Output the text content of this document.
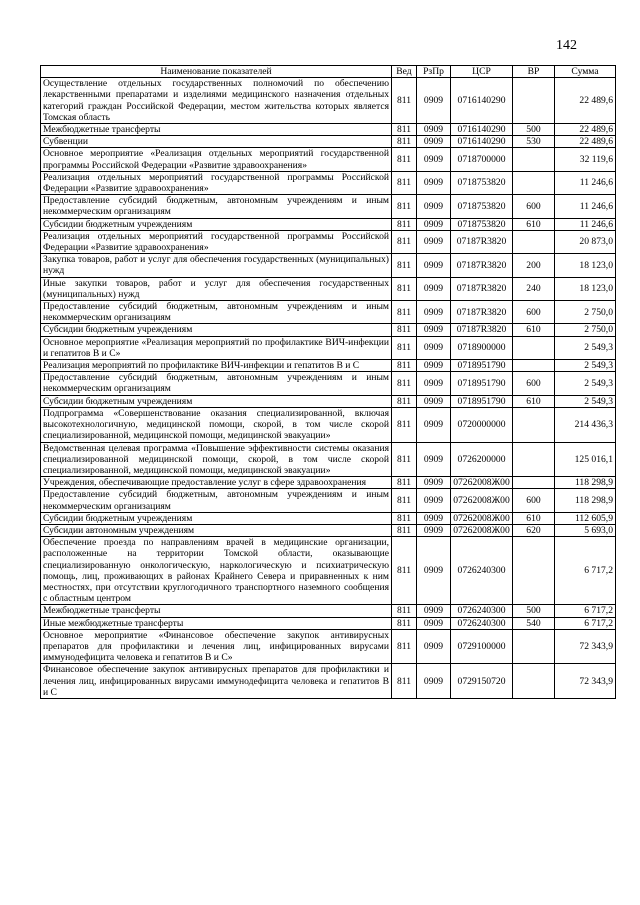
142
Наименование показателей	Вед	РзПр	ЦСР	ВР	Сумма
Осуществление отдельных государственных полномочий по обеспечению лекарственными препаратами и изделиями медицинского назначения отдельных категорий граждан Российской Федерации, местом жительства которых является Томская область	811	0909	0716140290		22 489,6
Межбюджетные трансферты	811	0909	0716140290	500	22 489,6
Субвенции	811	0909	0716140290	530	22 489,6
Основное мероприятие «Реализация отдельных мероприятий государственной программы Российской Федерации «Развитие здравоохранения»	811	0909	0718700000		32 119,6
Реализация отдельных мероприятий государственной программы Российской Федерации «Развитие здравоохранения»	811	0909	0718753820		11 246,6
Предоставление субсидий бюджетным, автономным учреждениям и иным некоммерческим организациям	811	0909	0718753820	600	11 246,6
Субсидии бюджетным учреждениям	811	0909	0718753820	610	11 246,6
Реализация отдельных мероприятий государственной программы Российской Федерации «Развитие здравоохранения»	811	0909	07187R3820		20 873,0
Закупка товаров, работ и услуг для обеспечения государственных (муниципальных) нужд	811	0909	07187R3820	200	18 123,0
Иные закупки товаров, работ и услуг для обеспечения государственных (муниципальных) нужд	811	0909	07187R3820	240	18 123,0
Предоставление субсидий бюджетным, автономным учреждениям и иным некоммерческим организациям	811	0909	07187R3820	600	2 750,0
Субсидии бюджетным учреждениям	811	0909	07187R3820	610	2 750,0
Основное мероприятие «Реализация мероприятий по профилактике ВИЧ-инфекции и гепатитов В и С»	811	0909	0718900000		2 549,3
Реализация мероприятий по профилактике ВИЧ-инфекции и гепатитов В и С	811	0909	0718951790		2 549,3
Предоставление субсидий бюджетным, автономным учреждениям и иным некоммерческим организациям	811	0909	0718951790	600	2 549,3
Субсидии бюджетным учреждениям	811	0909	0718951790	610	2 549,3
Подпрограмма «Совершенствование оказания специализированной, включая высокотехнологичную, медицинской помощи, скорой, в том числе скорой специализированной, медицинской помощи, медицинской эвакуации»	811	0909	0720000000		214 436,3
Ведомственная целевая программа «Повышение эффективности системы оказания специализированной медицинской помощи, скорой, в том числе скорой специализированной, медицинской помощи, медицинской эвакуации»	811	0909	0726200000		125 016,1
Учреждения, обеспечивающие предоставление услуг в сфере здравоохранения	811	0909	07262008Ж00		118 298,9
Предоставление субсидий бюджетным, автономным учреждениям и иным некоммерческим организациям	811	0909	07262008Ж00	600	118 298,9
Субсидии бюджетным учреждениям	811	0909	07262008Ж00	610	112 605,9
Субсидии автономным учреждениям	811	0909	07262008Ж00	620	5 693,0
Обеспечение проезда по направлениям врачей в медицинские организации, расположенные на территории Томской области, оказывающие специализированную онкологическую, наркологическую и психиатрическую помощь, лиц, проживающих в районах Крайнего Севера и приравненных к ним местностях, при отсутствии круглогодичного транспортного наземного сообщения с областным центром	811	0909	0726240300		6 717,2
Межбюджетные трансферты	811	0909	0726240300	500	6 717,2
Иные межбюджетные трансферты	811	0909	0726240300	540	6 717,2
Основное мероприятие «Финансовое обеспечение закупок антивирусных препаратов для профилактики и лечения лиц, инфицированных вирусами иммунодефицита человека и гепатитов В и С»	811	0909	0729100000		72 343,9
Финансовое обеспечение закупок антивирусных препаратов для профилактики и лечения лиц, инфицированных вирусами иммунодефицита человека и гепатитов В и С	811	0909	0729150720		72 343,9
